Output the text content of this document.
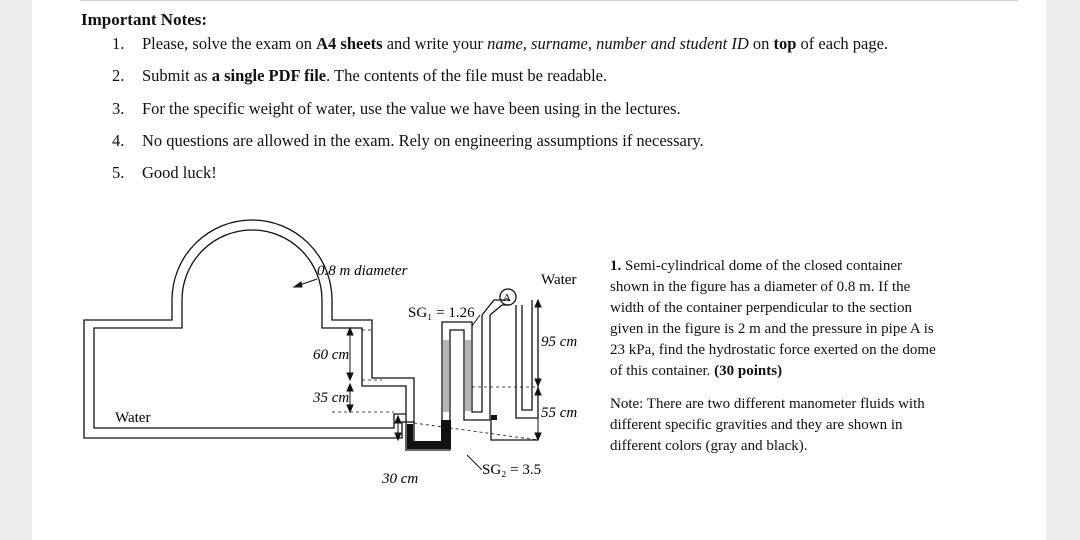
Important Notes:
1. Please, solve the exam on A4 sheets and write your name, surname, number and student ID on top of each page.
2. Submit as a single PDF file. The contents of the file must be readable.
3. For the specific weight of water, use the value we have been using in the lectures.
4. No questions are allowed in the exam. Rely on engineering assumptions if necessary.
5. Good luck!
0.8 m diameter
Water
A
SG₁ = 1.26
60 cm
35 cm
95 cm
55 cm
Water
SG₂ = 3.5
30 cm

1. Semi-cylindrical dome of the closed container shown in the figure has a diameter of 0.8 m. If the width of the container perpendicular to the section given in the figure is 2 m and the pressure in pipe A is 23 kPa, find the hydrostatic force exerted on the dome of this container. (30 points)

Note: There are two different manometer fluids with different specific gravities and they are shown in different colors (gray and black).
